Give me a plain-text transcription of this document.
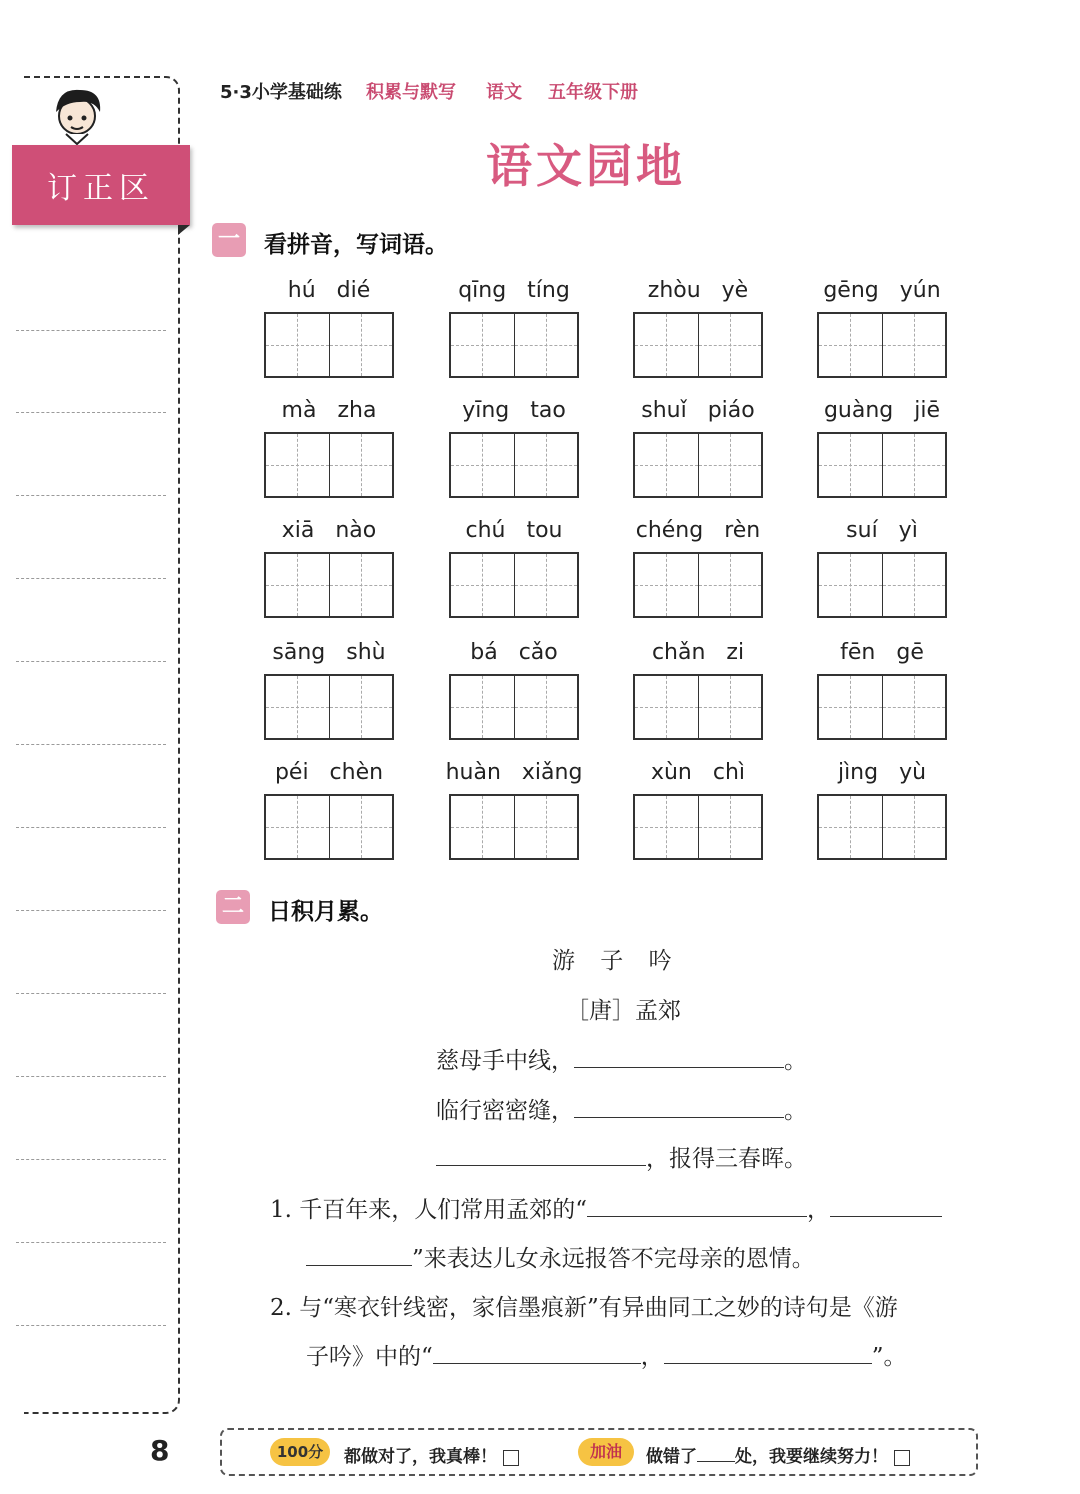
订正区
8
5·3小学基础练 积累与默写 语文 五年级下册
语文园地
一 看拼音，写词语。
hú dié	qīng tíng	zhòu yè	gēng yún
mà zha	yīng tao	shuǐ piáo	guàng jiē
xiā nào	chú tou	chéng rèn	suí yì
sāng shù	bá cǎo	chǎn zi	fēn gē
péi chèn	huàn xiǎng	xùn chì	jìng yù
二 日积月累。
游 子 吟
［唐］孟郊
慈母手中线，	。
临行密密缝，	。
，报得三春晖。
1. 千百年来，人们常用孟郊的“	，
”来表达儿女永远报答不完母亲的恩情。
2. 与“寒衣针线密，家信墨痕新”有异曲同工之妙的诗句是《游
子吟》中的“	，	”。
100分	都做对了，我真棒！	加油	做错了 处，我要继续努力！
